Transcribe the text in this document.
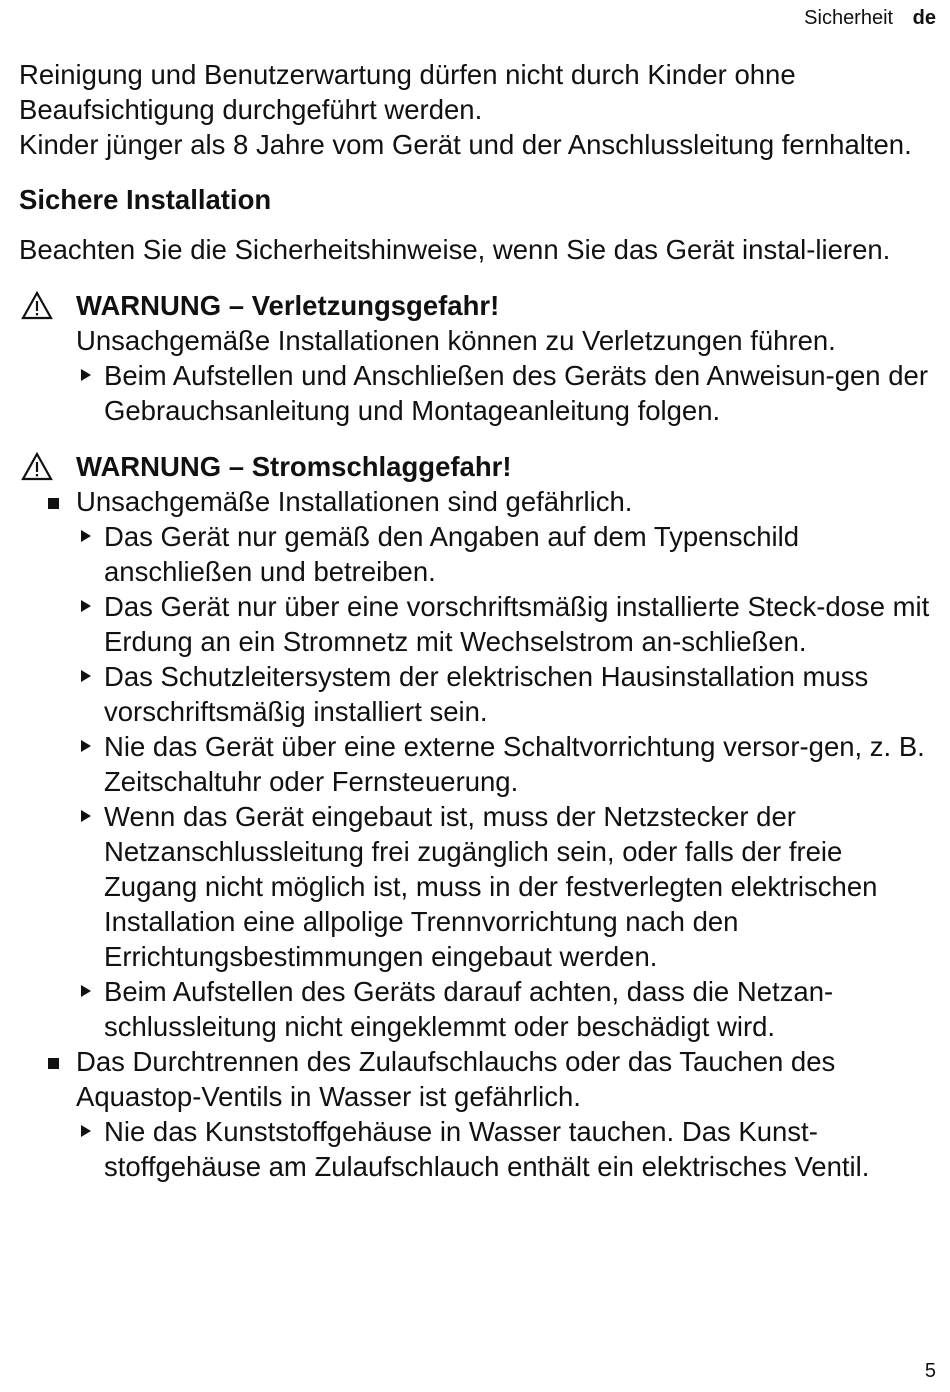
Sicherheit de

Reinigung und Benutzerwartung dürfen nicht durch Kinder ohne Beaufsichtigung durchgeführt werden.

Kinder jünger als 8 Jahre vom Gerät und der Anschlussleitung fernhalten.

Sichere Installation

Beachten Sie die Sicherheitshinweise, wenn Sie das Gerät instal-lieren.

WARNUNG – Verletzungsgefahr!
Unsachgemäße Installationen können zu Verletzungen führen.
Beim Aufstellen und Anschließen des Geräts den Anweisun-gen der Gebrauchsanleitung und Montageanleitung folgen.
WARNUNG – Stromschlaggefahr!
Unsachgemäße Installationen sind gefährlich.
Das Gerät nur gemäß den Angaben auf dem Typenschild anschließen und betreiben.
Das Gerät nur über eine vorschriftsmäßig installierte Steck-dose mit Erdung an ein Stromnetz mit Wechselstrom an-schließen.
Das Schutzleitersystem der elektrischen Hausinstallation muss vorschriftsmäßig installiert sein.
Nie das Gerät über eine externe Schaltvorrichtung versor-gen, z. B. Zeitschaltuhr oder Fernsteuerung.
Wenn das Gerät eingebaut ist, muss der Netzstecker der Netzanschlussleitung frei zugänglich sein, oder falls der freie Zugang nicht möglich ist, muss in der festverlegten elektrischen Installation eine allpolige Trennvorrichtung nach den Errichtungsbestimmungen eingebaut werden.
Beim Aufstellen des Geräts darauf achten, dass die Netzan-schlussleitung nicht eingeklemmt oder beschädigt wird.
Das Durchtrennen des Zulaufschlauchs oder das Tauchen des Aquastop-Ventils in Wasser ist gefährlich.
Nie das Kunststoffgehäuse in Wasser tauchen. Das Kunst-stoffgehäuse am Zulaufschlauch enthält ein elektrisches Ventil.
5
